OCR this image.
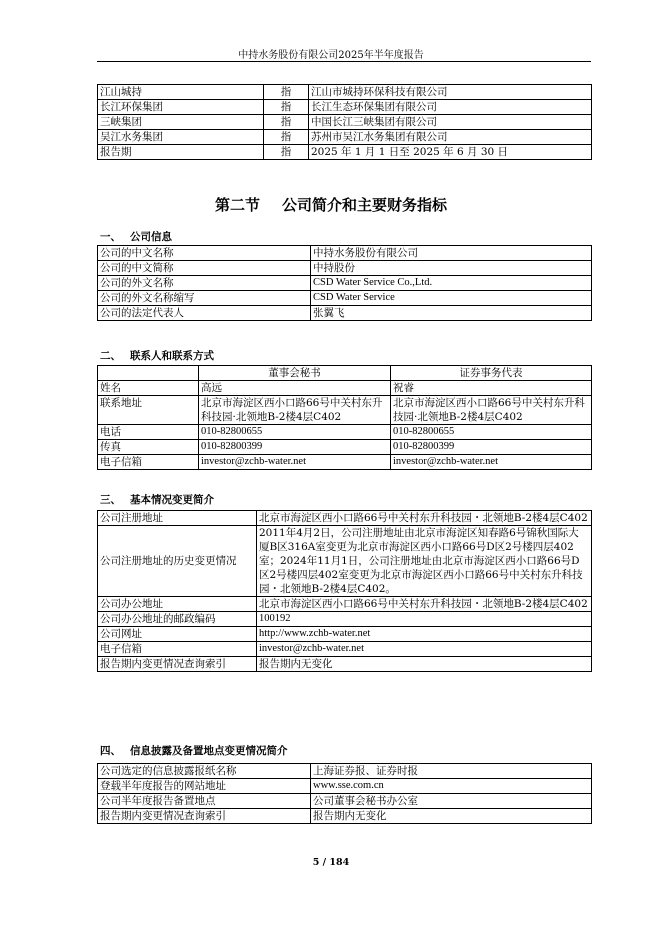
中持水务股份有限公司2025年半年度报告
江山城持	指	江山市城持环保科技有限公司
长江环保集团	指	长江生态环保集团有限公司
三峡集团	指	中国长江三峡集团有限公司
吴江水务集团	指	苏州市吴江水务集团有限公司
报告期	指	2025 年 1 月 1 日至 2025 年 6 月 30 日
第二节 公司简介和主要财务指标
一、 公司信息
公司的中文名称	中持水务股份有限公司
公司的中文简称	中持股份
公司的外文名称	CSD Water Service Co.,Ltd.
公司的外文名称缩写	CSD Water Service
公司的法定代表人	张翼飞
二、 联系人和联系方式
	董事会秘书	证券事务代表
姓名	高远	祝睿
联系地址	北京市海淀区西小口路66号中关村东升科技园·北领地B-2楼4层C402	北京市海淀区西小口路66号中关村东升科技园·北领地B-2楼4层C402
电话	010-82800655	010-82800655
传真	010-82800399	010-82800399
电子信箱	investor@zchb-water.net	investor@zchb-water.net
三、 基本情况变更简介
公司注册地址	北京市海淀区西小口路66号中关村东升科技园・北领地B-2楼4层C402
公司注册地址的历史变更情况	2011年4月2日，公司注册地址由北京市海淀区知春路6号锦秋国际大厦B区316A室变更为北京市海淀区西小口路66号D区2号楼四层402室；2024年11月1日，公司注册地址由北京市海淀区西小口路66号D区2号楼四层402室变更为北京市海淀区西小口路66号中关村东升科技园・北领地B-2楼4层C402。
公司办公地址	北京市海淀区西小口路66号中关村东升科技园・北领地B-2楼4层C402
公司办公地址的邮政编码	100192
公司网址	http://www.zchb-water.net
电子信箱	investor@zchb-water.net
报告期内变更情况查询索引	报告期内无变化
四、 信息披露及备置地点变更情况简介
公司选定的信息披露报纸名称	上海证券报、证券时报
登载半年度报告的网站地址	www.sse.com.cn
公司半年度报告备置地点	公司董事会秘书办公室
报告期内变更情况查询索引	报告期内无变化
5 / 184
